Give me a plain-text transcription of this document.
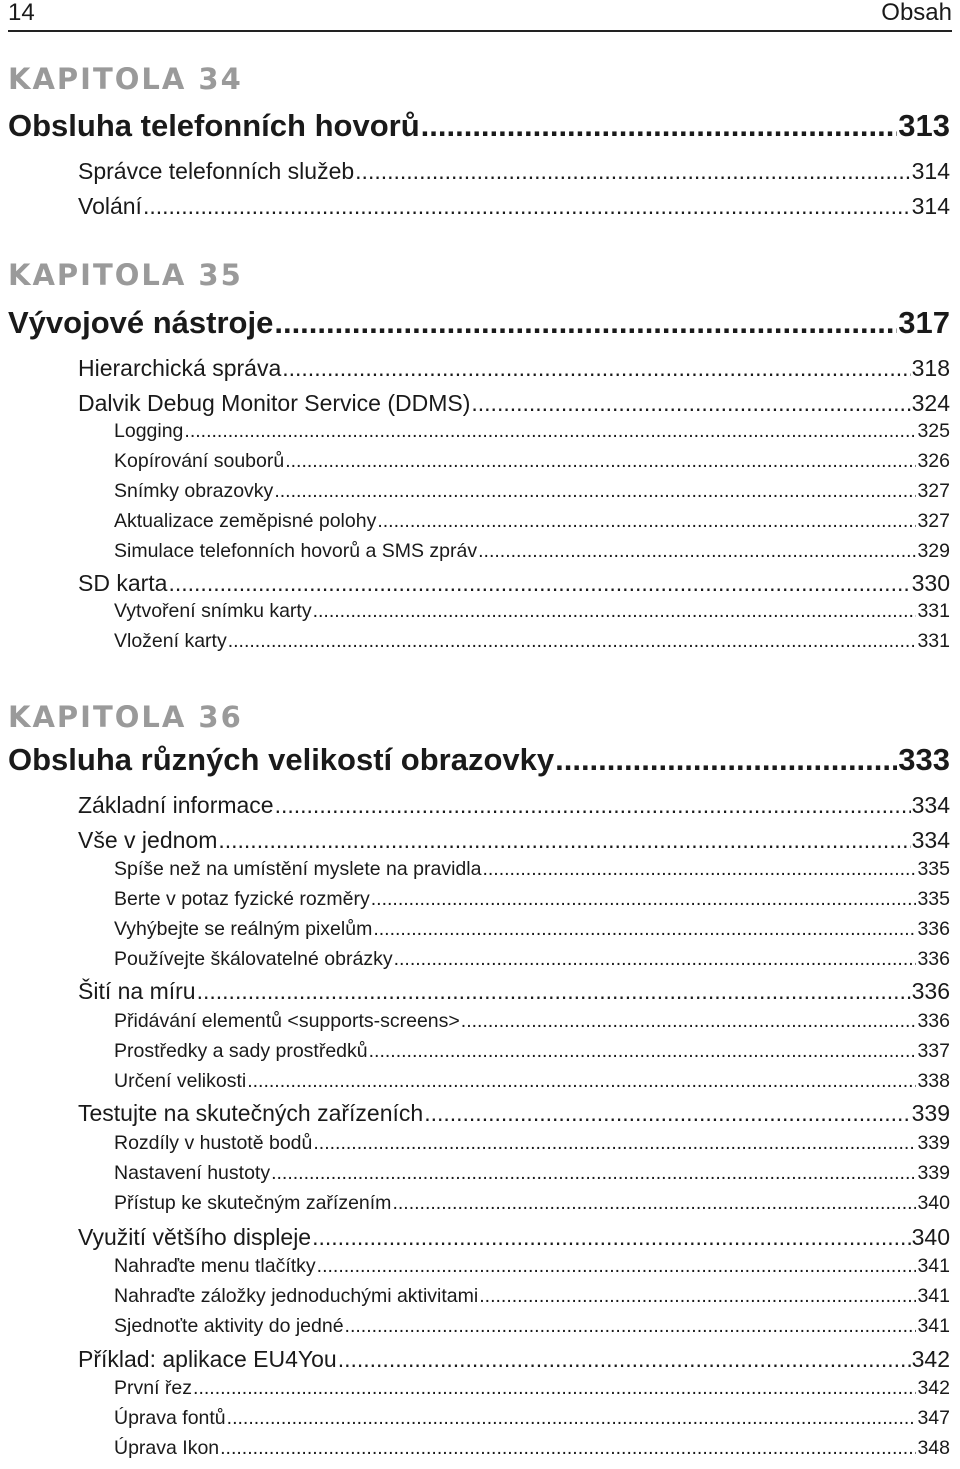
14	Obsah
KAPITOLA 34
Obsluha telefonních hovorů .....	313
Správce telefonních služeb .....	314
Volání .....	314
KAPITOLA 35
Vývojové nástroje .....	317
Hierarchická správa .....	318
Dalvik Debug Monitor Service (DDMS) .....	324
Logging .....	325
Kopírování souborů .....	326
Snímky obrazovky .....	327
Aktualizace zeměpisné polohy .....	327
Simulace telefonních hovorů a SMS zpráv .....	329
SD karta .....	330
Vytvoření snímku karty .....	331
Vložení karty .....	331
KAPITOLA 36
Obsluha různých velikostí obrazovky .....	333
Základní informace .....	334
Vše v jednom .....	334
Spíše než na umístění myslete na pravidla .....	335
Berte v potaz fyzické rozměry .....	335
Vyhýbejte se reálným pixelům .....	336
Používejte škálovatelné obrázky .....	336
Šití na míru .....	336
Přidávání elementů <supports-screens> .....	336
Prostředky a sady prostředků .....	337
Určení velikosti .....	338
Testujte na skutečných zařízeních .....	339
Rozdíly v hustotě bodů .....	339
Nastavení hustoty .....	339
Přístup ke skutečným zařízením .....	340
Využití většího displeje .....	340
Nahraďte menu tlačítky .....	341
Nahraďte záložky jednoduchými aktivitami .....	341
Sjednoťte aktivity do jedné .....	341
Příklad: aplikace EU4You .....	342
První řez .....	342
Úprava fontů .....	347
Úprava Ikon .....	348
